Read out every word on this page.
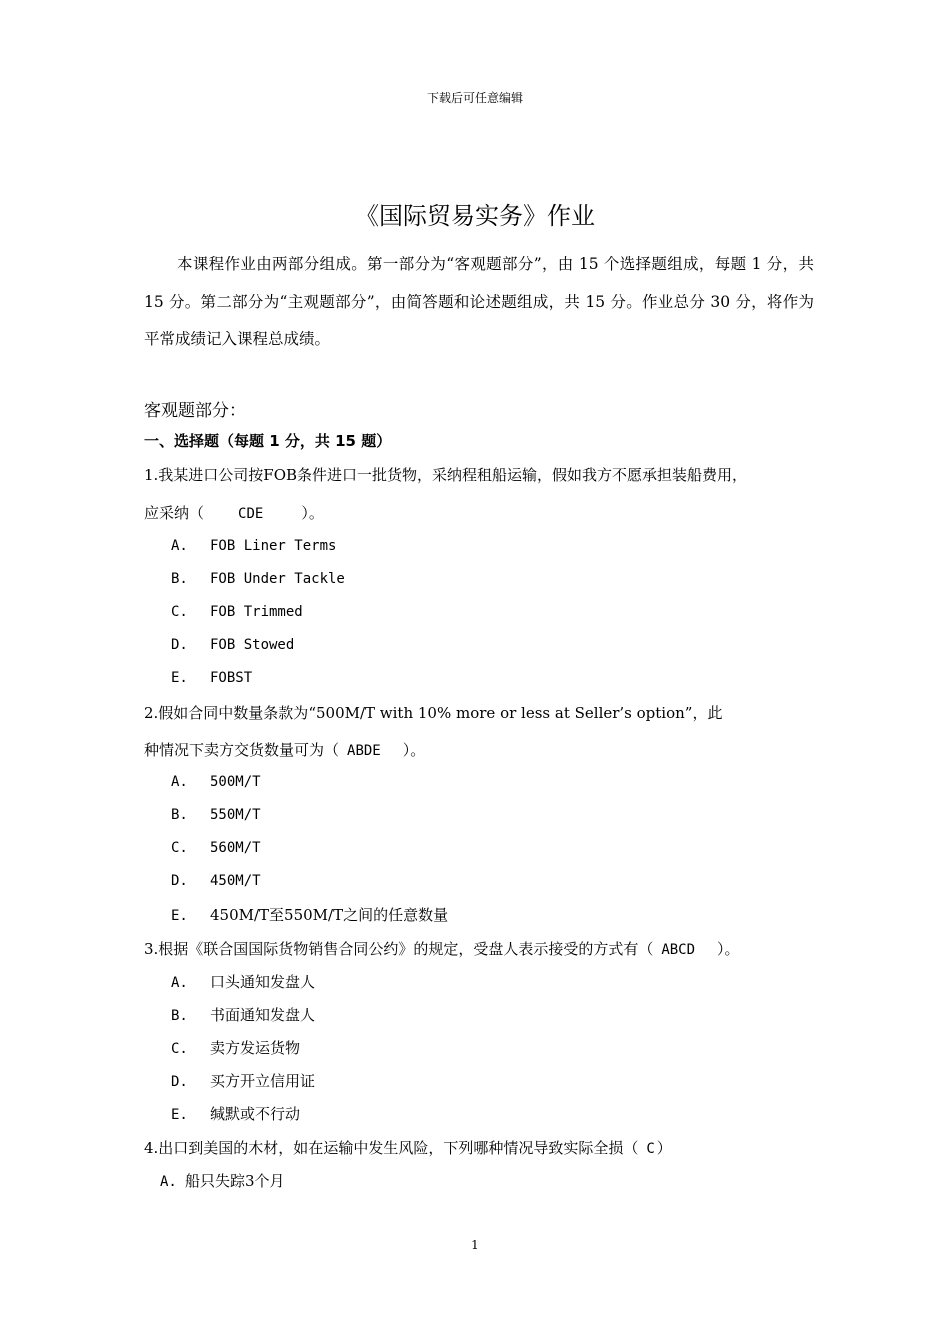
下载后可任意编辑
《国际贸易实务》作业
本课程作业由两部分组成。第一部分为“客观题部分”，由 15 个选择题组成，每题 1 分，共 15 分。第二部分为“主观题部分”，由简答题和论述题组成，共 15 分。作业总分 30 分，将作为平常成绩记入课程总成绩。
客观题部分：
一、选择题（每题 1 分，共 15 题）
1.我某进口公司按FOB条件进口一批货物，采纳程租船运输，假如我方不愿承担装船费用，
应采纳（ CDE	）。
A. FOB Liner Terms
B. FOB Under Tackle
C. FOB Trimmed
D. FOB Stowed
E. FOBST
2.假如合同中数量条款为“500M/T with 10% more or less at Seller’s option”，此
种情况下卖方交货数量可为（ ABDE ）。
A. 500M/T
B. 550M/T
C. 560M/T
D. 450M/T
E. 450M/T至550M/T之间的任意数量
3.根据《联合国国际货物销售合同公约》的规定，受盘人表示接受的方式有（ ABCD ）。
A. 口头通知发盘人
B. 书面通知发盘人
C. 卖方发运货物
D. 买方开立信用证
E. 缄默或不行动
4.出口到美国的木材，如在运输中发生风险，下列哪种情况导致实际全损（ C ）
A. 船只失踪3个月
1
